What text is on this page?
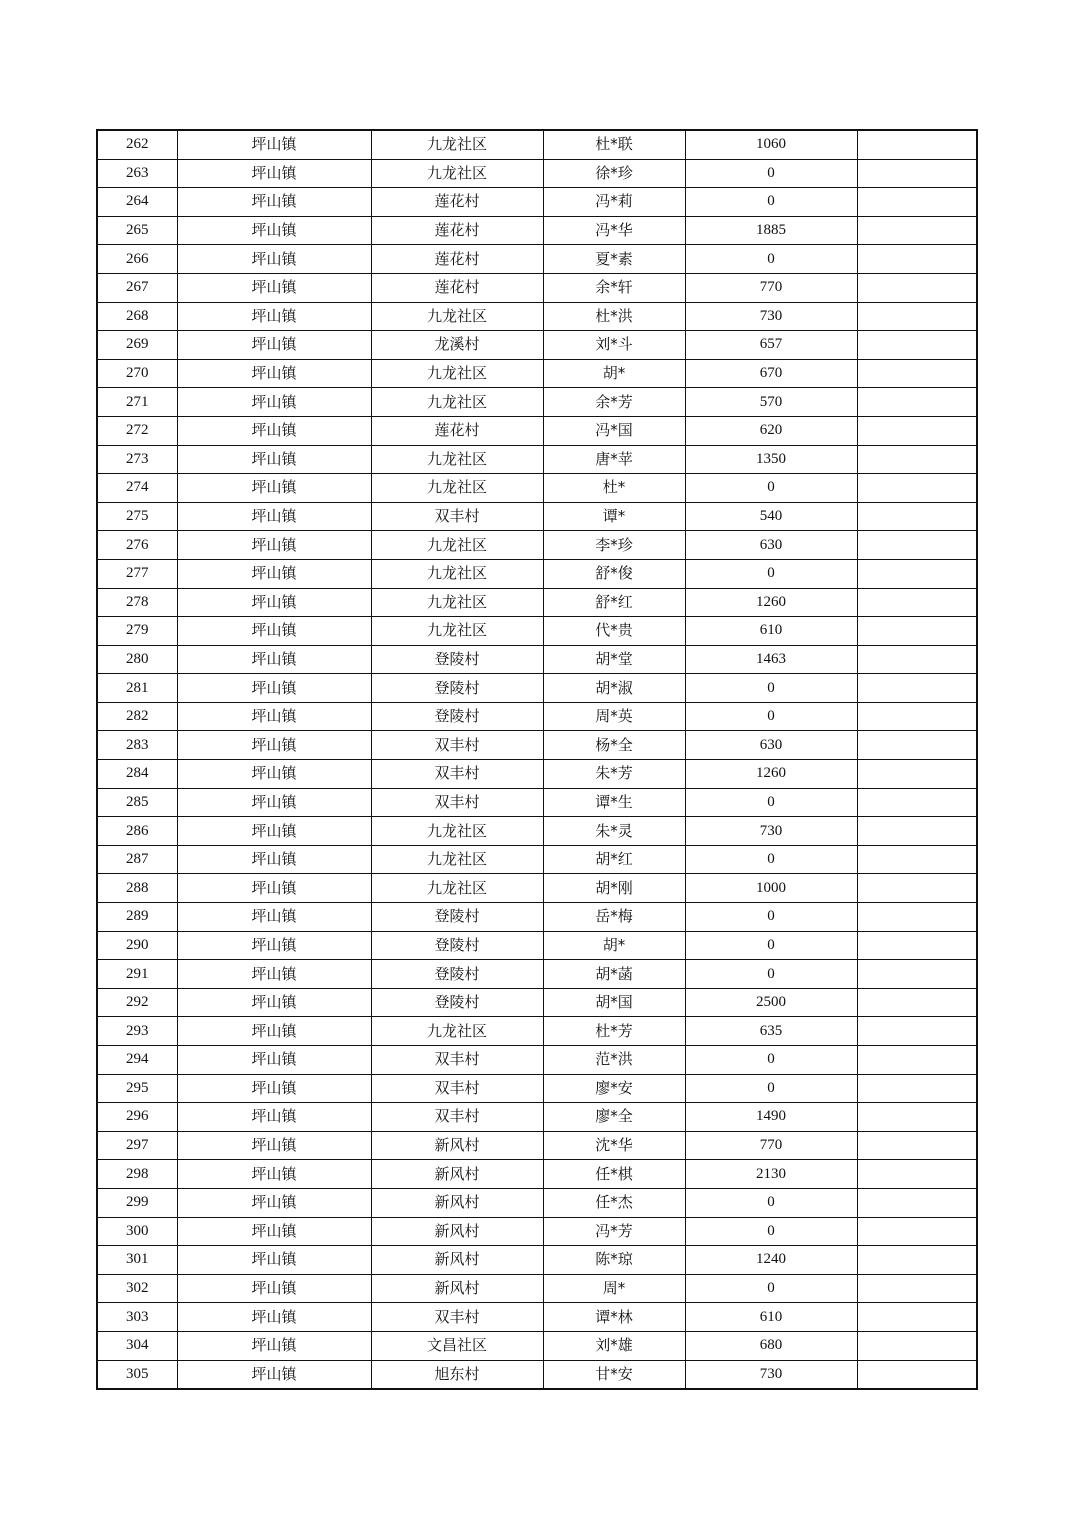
262	坪山镇	九龙社区	杜*联	1060	
263	坪山镇	九龙社区	徐*珍	0	
264	坪山镇	莲花村	冯*莉	0	
265	坪山镇	莲花村	冯*华	1885	
266	坪山镇	莲花村	夏*素	0	
267	坪山镇	莲花村	余*轩	770	
268	坪山镇	九龙社区	杜*洪	730	
269	坪山镇	龙溪村	刘*斗	657	
270	坪山镇	九龙社区	胡*	670	
271	坪山镇	九龙社区	余*芳	570	
272	坪山镇	莲花村	冯*国	620	
273	坪山镇	九龙社区	唐*苹	1350	
274	坪山镇	九龙社区	杜*	0	
275	坪山镇	双丰村	谭*	540	
276	坪山镇	九龙社区	李*珍	630	
277	坪山镇	九龙社区	舒*俊	0	
278	坪山镇	九龙社区	舒*红	1260	
279	坪山镇	九龙社区	代*贵	610	
280	坪山镇	登陵村	胡*堂	1463	
281	坪山镇	登陵村	胡*淑	0	
282	坪山镇	登陵村	周*英	0	
283	坪山镇	双丰村	杨*全	630	
284	坪山镇	双丰村	朱*芳	1260	
285	坪山镇	双丰村	谭*生	0	
286	坪山镇	九龙社区	朱*灵	730	
287	坪山镇	九龙社区	胡*红	0	
288	坪山镇	九龙社区	胡*刚	1000	
289	坪山镇	登陵村	岳*梅	0	
290	坪山镇	登陵村	胡*	0	
291	坪山镇	登陵村	胡*菡	0	
292	坪山镇	登陵村	胡*国	2500	
293	坪山镇	九龙社区	杜*芳	635	
294	坪山镇	双丰村	范*洪	0	
295	坪山镇	双丰村	廖*安	0	
296	坪山镇	双丰村	廖*全	1490	
297	坪山镇	新风村	沈*华	770	
298	坪山镇	新风村	任*棋	2130	
299	坪山镇	新风村	任*杰	0	
300	坪山镇	新风村	冯*芳	0	
301	坪山镇	新风村	陈*琼	1240	
302	坪山镇	新风村	周*	0	
303	坪山镇	双丰村	谭*林	610	
304	坪山镇	文昌社区	刘*雄	680	
305	坪山镇	旭东村	甘*安	730	
